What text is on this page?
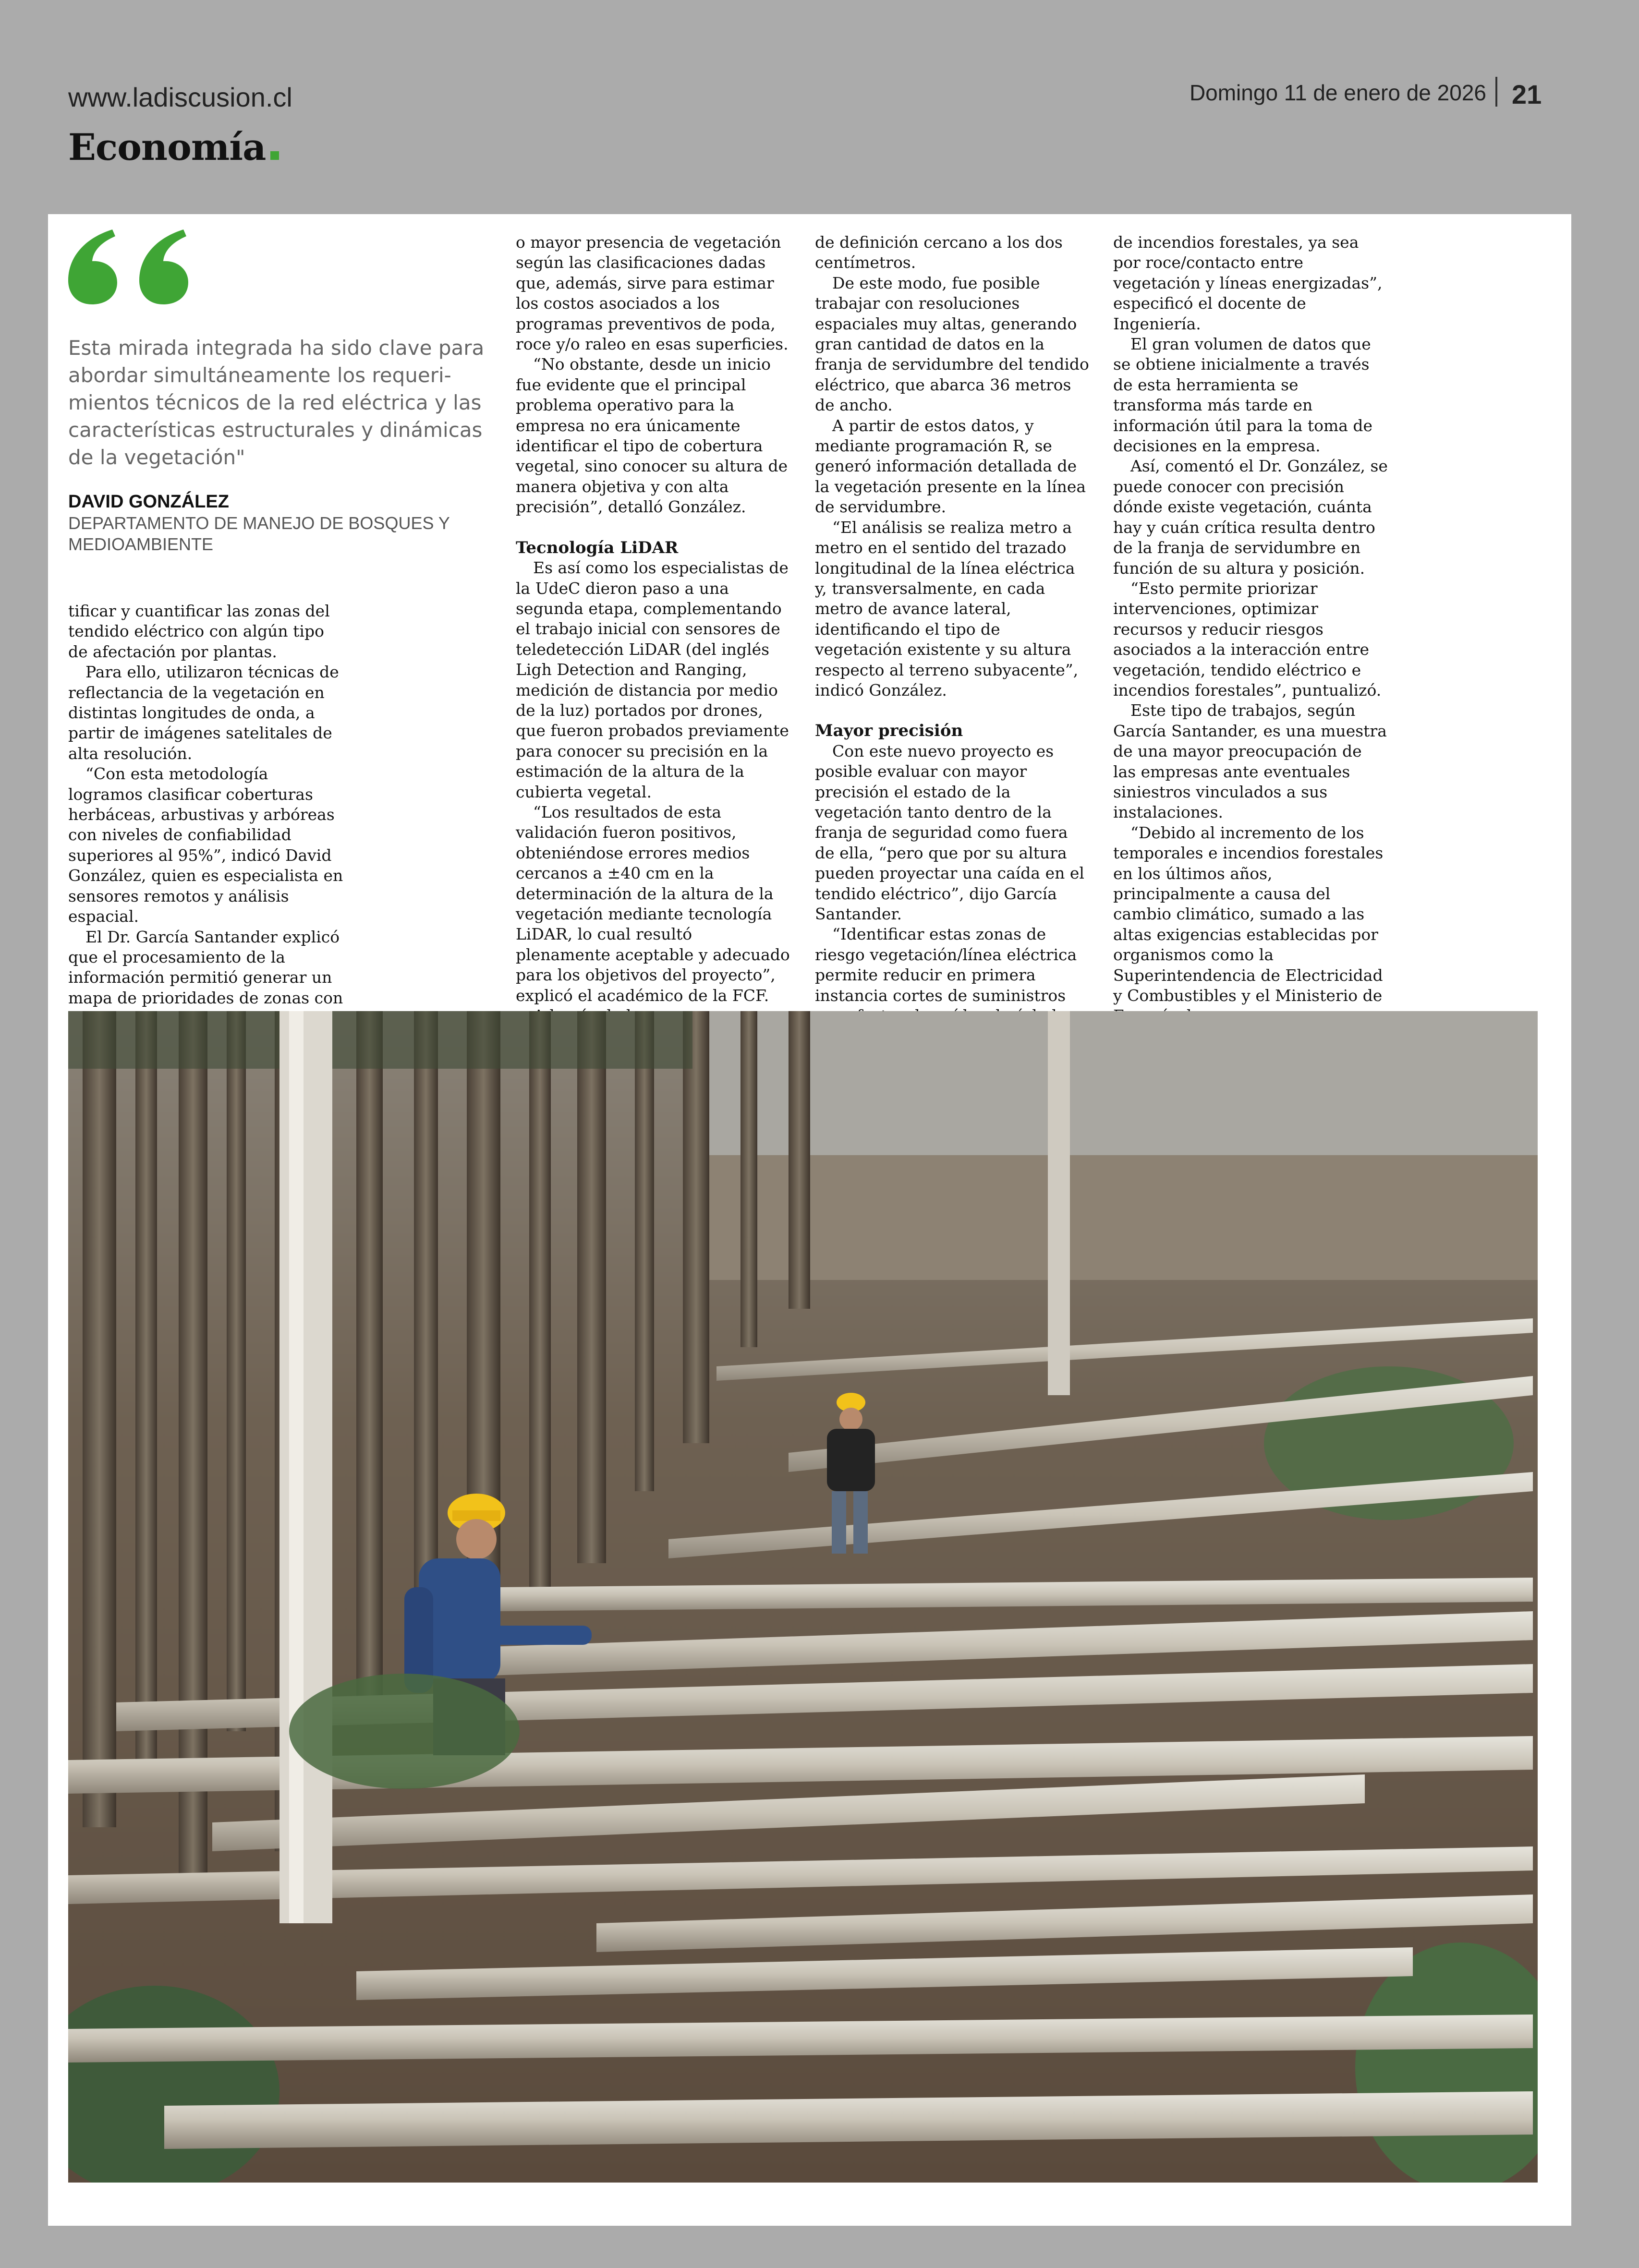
www.ladiscusion.cl	Domingo 11 de enero de 2026 21
Economía

Esta mirada integrada ha sido clave para abordar simultáneamente los requeri-mientos técnicos de la red eléctrica y las características estructurales y dinámicas de la vegetación"

DAVID GONZÁLEZ
DEPARTAMENTO DE MANEJO DE BOSQUES Y MEDIOAMBIENTE

tificar y cuantificar las zonas del tendido eléctrico con algún tipo de afectación por plantas.

Para ello, utilizaron técnicas de reflectancia de la vegetación en distintas longitudes de onda, a partir de imágenes satelitales de alta resolución.

“Con esta metodología logramos clasificar coberturas herbáceas, arbustivas y arbóreas con niveles de confiabilidad superiores al 95%”, indicó David González, quien es especialista en sensores remotos y análisis espacial.

El Dr. García Santander explicó que el procesamiento de la información permitió generar un mapa de prioridades de zonas con

o mayor presencia de vegetación según las clasificaciones dadas que, además, sirve para estimar los costos asociados a los programas preventivos de poda, roce y/o raleo en esas superficies.

“No obstante, desde un inicio fue evidente que el principal problema operativo para la empresa no era únicamente identificar el tipo de cobertura vegetal, sino conocer su altura de manera objetiva y con alta precisión”, detalló González.

Tecnología LiDAR

Es así como los especialistas de la UdeC dieron paso a una segunda etapa, complementando el trabajo inicial con sensores de teledetección LiDAR (del inglés Ligh Detection and Ranging, medición de distancia por medio de la luz) portados por drones, que fueron probados previamente para conocer su precisión en la estimación de la altura de la cubierta vegetal.

“Los resultados de esta validación fueron positivos, obteniéndose errores medios cercanos a ±40 cm en la determinación de la altura de la vegetación mediante tecnología LiDAR, lo cual resultó plenamente aceptable y adecuado para los objetivos del proyecto”, explicó el académico de la FCF.

de definición cercano a los dos centímetros.

De este modo, fue posible trabajar con resoluciones espaciales muy altas, generando gran cantidad de datos en la franja de servidumbre del tendido eléctrico, que abarca 36 metros de ancho.

A partir de estos datos, y mediante programación R, se generó información detallada de la vegetación presente en la línea de servidumbre.

“El análisis se realiza metro a metro en el sentido del trazado longitudinal de la línea eléctrica y, transversalmente, en cada metro de avance lateral, identificando el tipo de vegetación existente y su altura respecto al terreno subyacente”, indicó González.

Mayor precisión

Con este nuevo proyecto es posible evaluar con mayor precisión el estado de la vegetación tanto dentro de la franja de seguridad como fuera de ella, “pero que por su altura pueden proyectar una caída en el tendido eléctrico”, dijo García Santander.

“Identificar estas zonas de riesgo vegetación/línea eléctrica permite reducir en primera instancia cortes de suministros

de incendios forestales, ya sea por roce/contacto entre vegetación y líneas energizadas”, especificó el docente de Ingeniería.

El gran volumen de datos que se obtiene inicialmente a través de esta herramienta se transforma más tarde en información útil para la toma de decisiones en la empresa.

Así, comentó el Dr. González, se puede conocer con precisión dónde existe vegetación, cuánta hay y cuán crítica resulta dentro de la franja de servidumbre en función de su altura y posición.

“Esto permite priorizar intervenciones, optimizar recursos y reducir riesgos asociados a la interacción entre vegetación, tendido eléctrico e incendios forestales”, puntualizó.

Este tipo de trabajos, según García Santander, es una muestra de una mayor preocupación de las empresas ante eventuales siniestros vinculados a sus instalaciones.

“Debido al incremento de los temporales e incendios forestales en los últimos años, principalmente a causa del cambio climático, sumado a las altas exigencias establecidas por organismos como la Superintendencia de Electricidad y Combustibles y el Ministerio de
